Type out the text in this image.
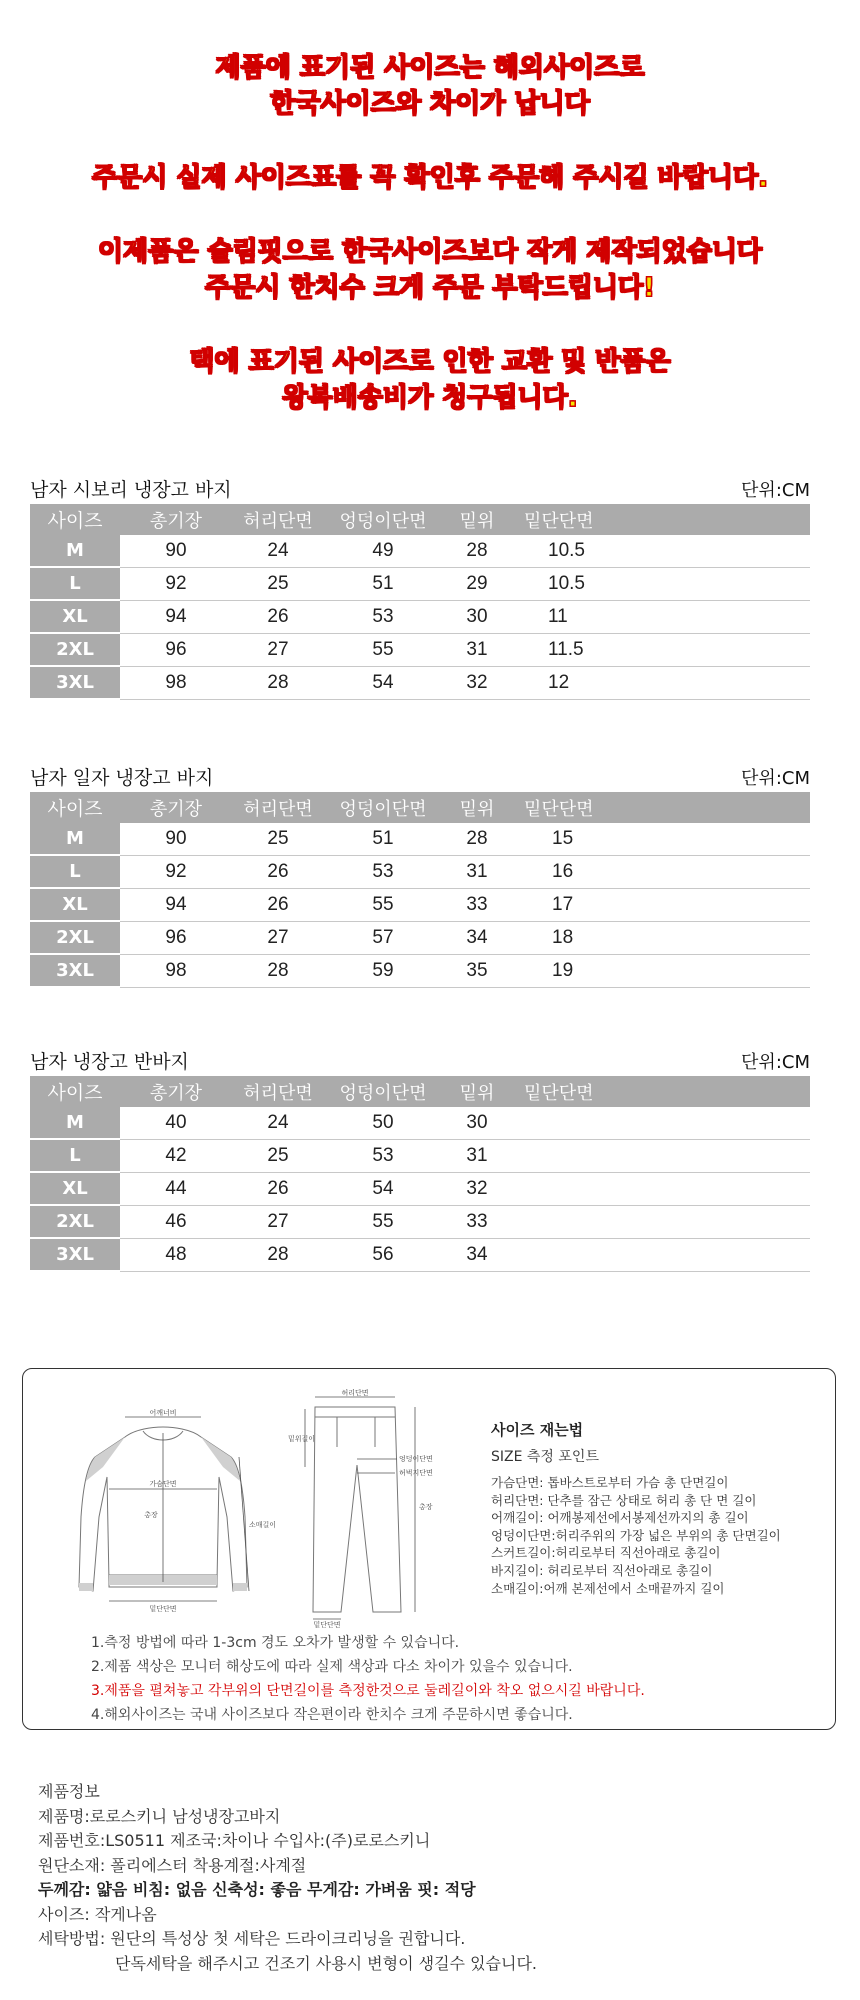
제품에 표기된 사이즈는 해외사이즈로
한국사이즈와 차이가 납니다
주문시 실제 사이즈표를 꼭 확인후 주문해 주시길 바랍니다.
이제품은 슬림핏으로 한국사이즈보다 작게 제작되었습니다
주문시 한치수 크게 주문 부탁드립니다!
택에 표기된 사이즈로 인한 교환 및 반품은
왕복배송비가 청구됩니다.
남자 시보리 냉장고 바지	단위:CM
사이즈	총기장	허리단면	엉덩이단면	밑위	밑단단면
M	90	24	49	28	10.5
L	92	25	51	29	10.5
XL	94	26	53	30	11
2XL	96	27	55	31	11.5
3XL	98	28	54	32	12
남자 일자 냉장고 바지	단위:CM
사이즈	총기장	허리단면	엉덩이단면	밑위	밑단단면
M	90	25	51	28	15
L	92	26	53	31	16
XL	94	26	55	33	17
2XL	96	27	57	34	18
3XL	98	28	59	35	19
남자 냉장고 반바지	단위:CM
사이즈	총기장	허리단면	엉덩이단면	밑위	밑단단면
M	40	24	50	30	
L	42	25	53	31	
XL	44	26	54	32	
2XL	46	27	55	33	
3XL	48	28	56	34	
어깨너비
가슴단면
총장
소매길이
밑단단면
허리단면
밑위길이
엉덩이단면
허벅지단면
총장
밑단단면
사이즈 재는법
SIZE 측정 포인트
가슴단면: 톱바스트로부터 가슴 총 단면길이
허리단면: 단추를 잠근 상태로 허리 총 단 면 길이
어깨길이: 어깨봉제선에서봉제선까지의 총 길이
엉덩이단면:허리주위의 가장 넓은 부위의 총 단면길이
스커트길이:허리로부터 직선아래로 총길이
바지길이: 허리로부터 직선아래로 총길이
소매길이:어깨 본제선에서 소매끝까지 길이
1.측정 방법에 따라 1-3cm 경도 오차가 발생할 수 있습니다.
2.제품 색상은 모니터 해상도에 따라 실제 색상과 다소 차이가 있을수 있습니다.
3.제품을 펼쳐놓고 각부위의 단면길이를 측정한것으로 둘레길이와 착오 없으시길 바랍니다.
4.해외사이즈는 국내 사이즈보다 작은편이라 한치수 크게 주문하시면 좋습니다.
제품정보
제품명:로로스키니 남성냉장고바지
제품번호:LS0511 제조국:차이나 수입사:(주)로로스키니
원단소재: 폴리에스터 착용계절:사계절
두께감: 얇음 비침: 없음 신축성: 좋음 무게감: 가벼움 핏: 적당
사이즈: 작게나옴
세탁방법: 원단의 특성상 첫 세탁은 드라이크리닝을 권합니다.
단독세탁을 해주시고 건조기 사용시 변형이 생길수 있습니다.
